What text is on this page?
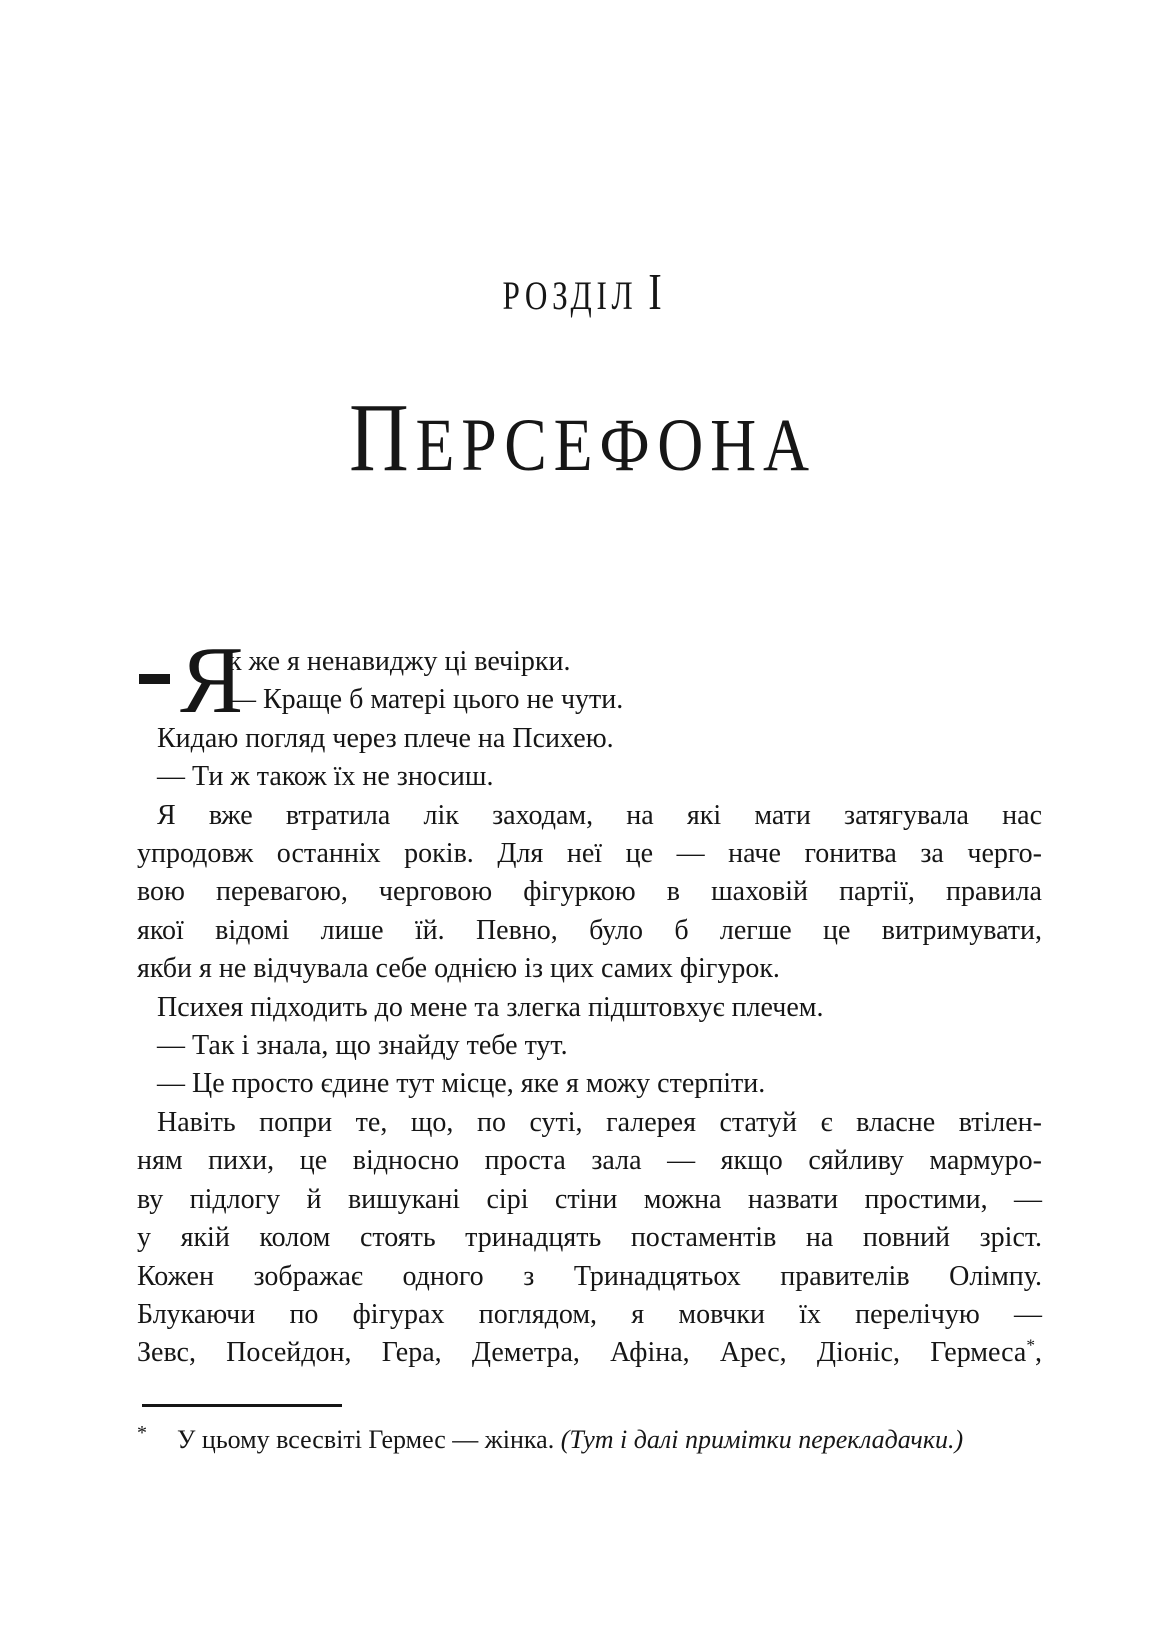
РОЗДІЛ I
ПЕРСЕФОНА
Я
к же я ненавиджу ці вечірки.
— Краще б матері цього не чути.
Кидаю погляд через плече на Психею.
— Ти ж також їх не зносиш.
Я вже втратила лік заходам, на які мати затягувала нас
упродовж останніх років. Для неї це — наче гонитва за черго-
вою перевагою, черговою фігуркою в шаховій партії, правила
якої відомі лише їй. Певно, було б легше це витримувати,
якби я не відчувала себе однією із цих самих фігурок.
Психея підходить до мене та злегка підштовхує плечем.
— Так і знала, що знайду тебе тут.
— Це просто єдине тут місце, яке я можу стерпіти.
Навіть попри те, що, по суті, галерея статуй є власне втілен-
ням пихи, це відносно проста зала — якщо сяйливу мармуро-
ву підлогу й вишукані сірі стіни можна назвати простими, —
у якій колом стоять тринадцять постаментів на повний зріст.
Кожен зображає одного з Тринадцятьох правителів Олімпу.
Блукаючи по фігурах поглядом, я мовчки їх перелічую —
Зевс, Посейдон, Гера, Деметра, Афіна, Арес, Діоніс, Гермеса*,
* У цьому всесвіті Гермес — жінка. (Тут і далі примітки перекладачки.)
